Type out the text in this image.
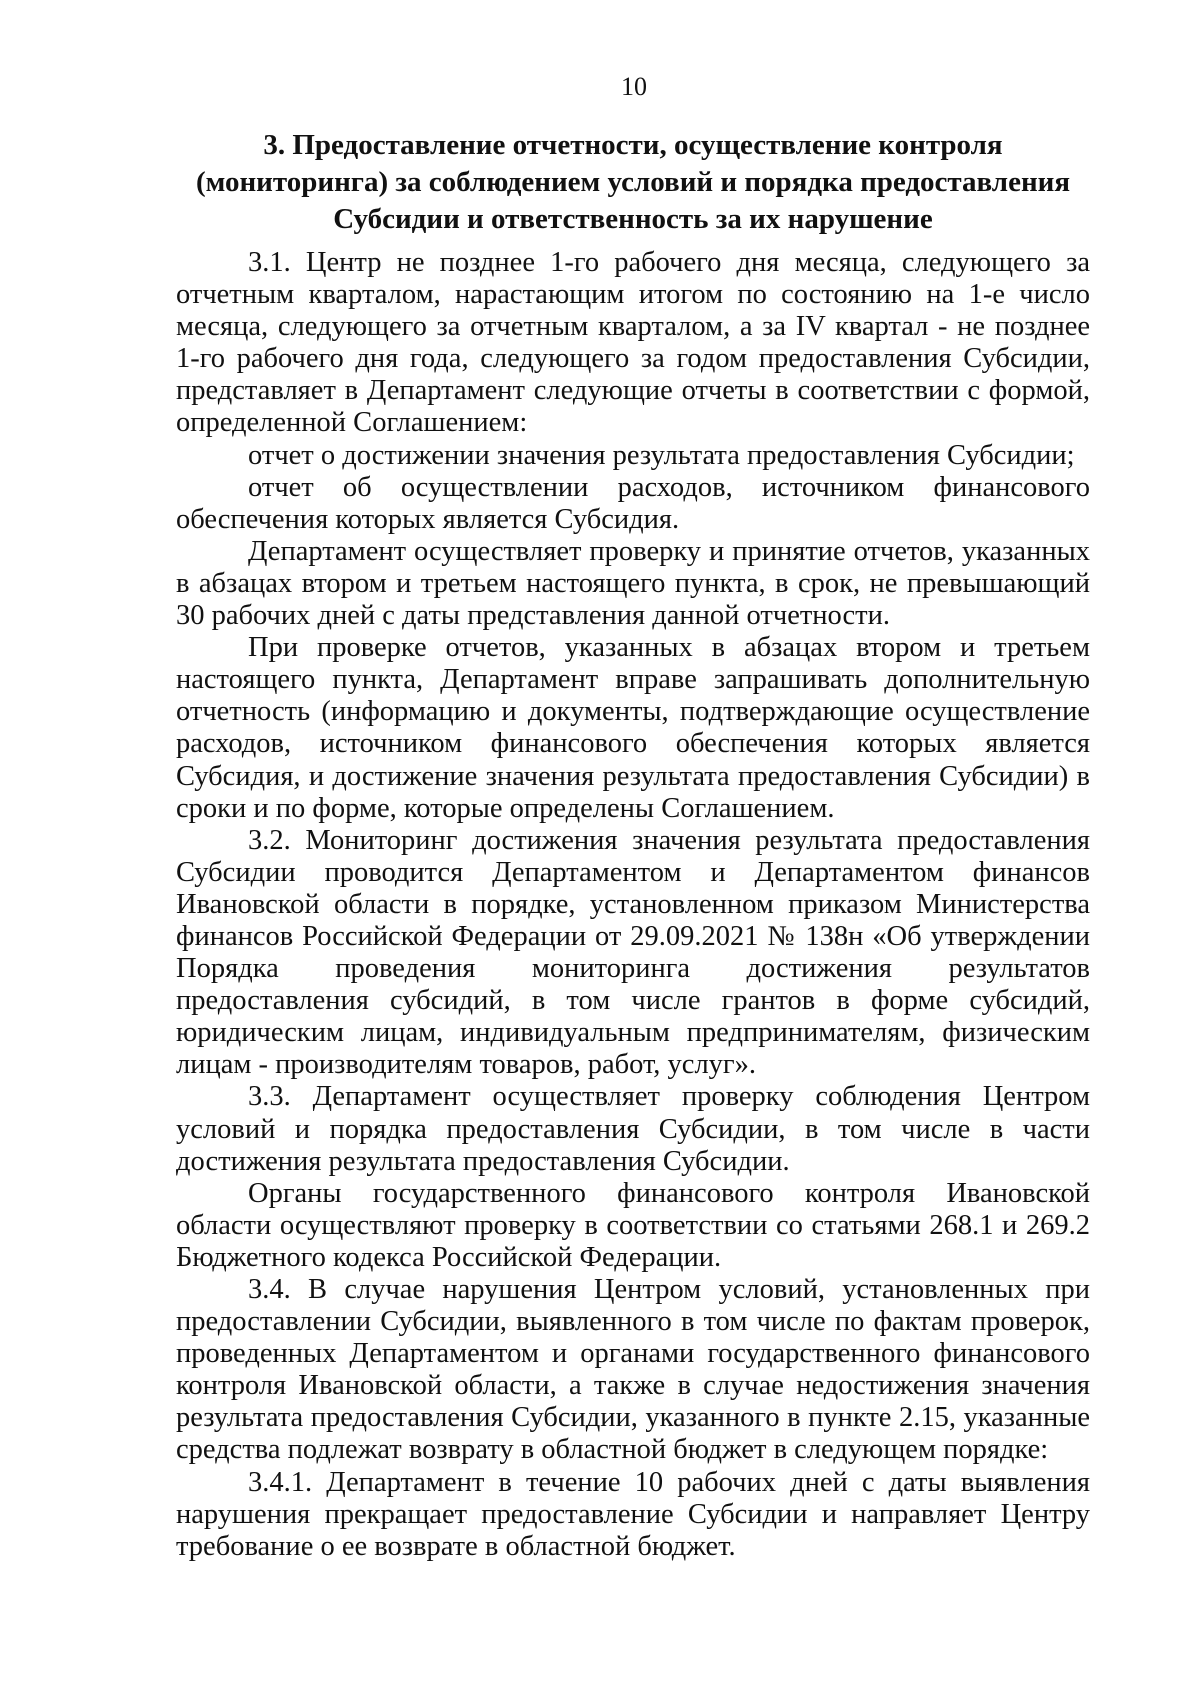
10
3. Предоставление отчетности, осуществление контроля
(мониторинга) за соблюдением условий и порядка предоставления
Субсидии и ответственность за их нарушение

3.1. Центр не позднее 1-го рабочего дня месяца, следующего за отчетным кварталом, нарастающим итогом по состоянию на 1-е число месяца, следующего за отчетным кварталом, а за IV квартал - не позднее 1-го рабочего дня года, следующего за годом предоставления Субсидии, представляет в Департамент следующие отчеты в соответствии с формой, определенной Соглашением:

отчет о достижении значения результата предоставления Субсидии;

отчет об осуществлении расходов, источником финансового обеспечения которых является Субсидия.

Департамент осуществляет проверку и принятие отчетов, указанных в абзацах втором и третьем настоящего пункта, в срок, не превышающий 30 рабочих дней с даты представления данной отчетности.

При проверке отчетов, указанных в абзацах втором и третьем настоящего пункта, Департамент вправе запрашивать дополнительную отчетность (информацию и документы, подтверждающие осуществление расходов, источником финансового обеспечения которых является Субсидия, и достижение значения результата предоставления Субсидии) в сроки и по форме, которые определены Соглашением.

3.2. Мониторинг достижения значения результата предоставления Субсидии проводится Департаментом и Департаментом финансов Ивановской области в порядке, установленном приказом Министерства финансов Российской Федерации от 29.09.2021 № 138н «Об утверждении Порядка проведения мониторинга достижения результатов предоставления субсидий, в том числе грантов в форме субсидий, юридическим лицам, индивидуальным предпринимателям, физическим лицам - производителям товаров, работ, услуг».

3.3. Департамент осуществляет проверку соблюдения Центром условий и порядка предоставления Субсидии, в том числе в части достижения результата предоставления Субсидии.

Органы государственного финансового контроля Ивановской области осуществляют проверку в соответствии со статьями 268.1 и 269.2 Бюджетного кодекса Российской Федерации.

3.4. В случае нарушения Центром условий, установленных при предоставлении Субсидии, выявленного в том числе по фактам проверок, проведенных Департаментом и органами государственного финансового контроля Ивановской области, а также в случае недостижения значения результата предоставления Субсидии, указанного в пункте 2.15, указанные средства подлежат возврату в областной бюджет в следующем порядке:

3.4.1. Департамент в течение 10 рабочих дней с даты выявления нарушения прекращает предоставление Субсидии и направляет Центру требование о ее возврате в областной бюджет.
